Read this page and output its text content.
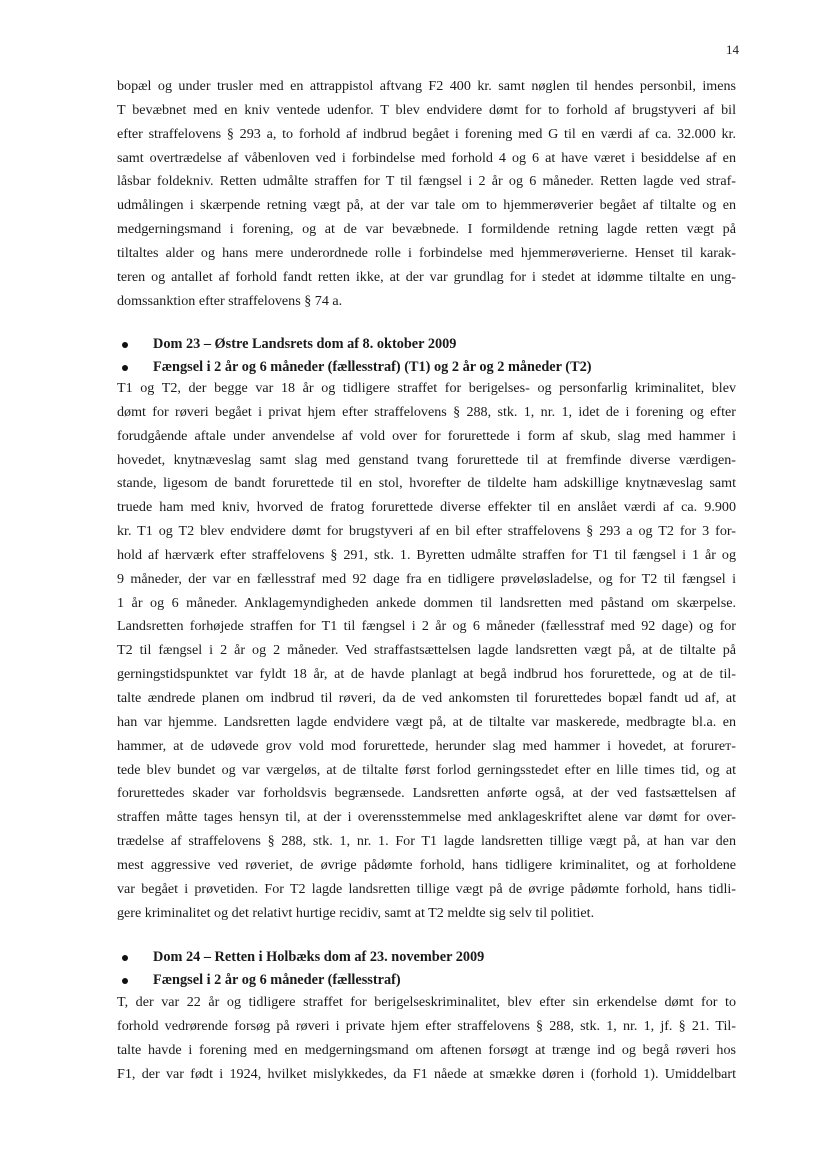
14

bopæl og under trusler med en attrappistol aftvang F2 400 kr. samt nøglen til hendes personbil, imens

T bevæbnet med en kniv ventede udenfor. T blev endvidere dømt for to forhold af brugstyveri af bil

efter straffelovens § 293 a, to forhold af indbrud begået i forening med G til en værdi af ca. 32.000 kr.

samt overtrædelse af våbenloven ved i forbindelse med forhold 4 og 6 at have været i besiddelse af en

låsbar foldekniv. Retten udmålte straffen for T til fængsel i 2 år og 6 måneder. Retten lagde ved straf-

udmålingen i skærpende retning vægt på, at der var tale om to hjemmerøverier begået af tiltalte og en

medgerningsmand i forening, og at de var bevæbnede. I formildende retning lagde retten vægt på

tiltaltes alder og hans mere underordnede rolle i forbindelse med hjemmerøverierne. Henset til karak-

teren og antallet af forhold fandt retten ikke, at der var grundlag for i stedet at idømme tiltalte en ung-

domssanktion efter straffelovens § 74 a.

Dom 23 – Østre Landsrets dom af 8. oktober 2009
Fængsel i 2 år og 6 måneder (fællesstraf) (T1) og 2 år og 2 måneder (T2)

T1 og T2, der begge var 18 år og tidligere straffet for berigelses- og personfarlig kriminalitet, blev

dømt for røveri begået i privat hjem efter straffelovens § 288, stk. 1, nr. 1, idet de i forening og efter

forudgående aftale under anvendelse af vold over for forurettede i form af skub, slag med hammer i

hovedet, knytnæveslag samt slag med genstand tvang forurettede til at fremfinde diverse værdigen-

stande, ligesom de bandt forurettede til en stol, hvorefter de tildelte ham adskillige knytnæveslag samt

truede ham med kniv, hvorved de fratog forurettede diverse effekter til en anslået værdi af ca. 9.900

kr. T1 og T2 blev endvidere dømt for brugstyveri af en bil efter straffelovens § 293 a og T2 for 3 for-

hold af hærværk efter straffelovens § 291, stk. 1. Byretten udmålte straffen for T1 til fængsel i 1 år og

9 måneder, der var en fællesstraf med 92 dage fra en tidligere prøveløsladelse, og for T2 til fængsel i

1 år og 6 måneder. Anklagemyndigheden ankede dommen til landsretten med påstand om skærpelse.

Landsretten forhøjede straffen for T1 til fængsel i 2 år og 6 måneder (fællesstraf med 92 dage) og for

T2 til fængsel i 2 år og 2 måneder. Ved straffastsættelsen lagde landsretten vægt på, at de tiltalte på

gerningstidspunktet var fyldt 18 år, at de havde planlagt at begå indbrud hos forurettede, og at de til-

talte ændrede planen om indbrud til røveri, da de ved ankomsten til forurettedes bopæl fandt ud af, at

han var hjemme. Landsretten lagde endvidere vægt på, at de tiltalte var maskerede, medbragte bl.a. en

hammer, at de udøvede grov vold mod forurettede, herunder slag med hammer i hovedet, at forurет-

tede blev bundet og var værgeløs, at de tiltalte først forlod gerningsstedet efter en lille times tid, og at

forurettedes skader var forholdsvis begrænsede. Landsretten anførte også, at der ved fastsættelsen af

straffen måtte tages hensyn til, at der i overensstemmelse med anklageskriftet alene var dømt for over-

trædelse af straffelovens § 288, stk. 1, nr. 1. For T1 lagde landsretten tillige vægt på, at han var den

mest aggressive ved røveriet, de øvrige pådømte forhold, hans tidligere kriminalitet, og at forholdene

var begået i prøvetiden. For T2 lagde landsretten tillige vægt på de øvrige pådømte forhold, hans tidli-

gere kriminalitet og det relativt hurtige recidiv, samt at T2 meldte sig selv til politiet.

Dom 24 – Retten i Holbæks dom af 23. november 2009
Fængsel i 2 år og 6 måneder (fællesstraf)

T, der var 22 år og tidligere straffet for berigelseskriminalitet, blev efter sin erkendelse dømt for to

forhold vedrørende forsøg på røveri i private hjem efter straffelovens § 288, stk. 1, nr. 1, jf. § 21. Til-

talte havde i forening med en medgerningsmand om aftenen forsøgt at trænge ind og begå røveri hos

F1, der var født i 1924, hvilket mislykkedes, da F1 nåede at smække døren i (forhold 1). Umiddelbart
